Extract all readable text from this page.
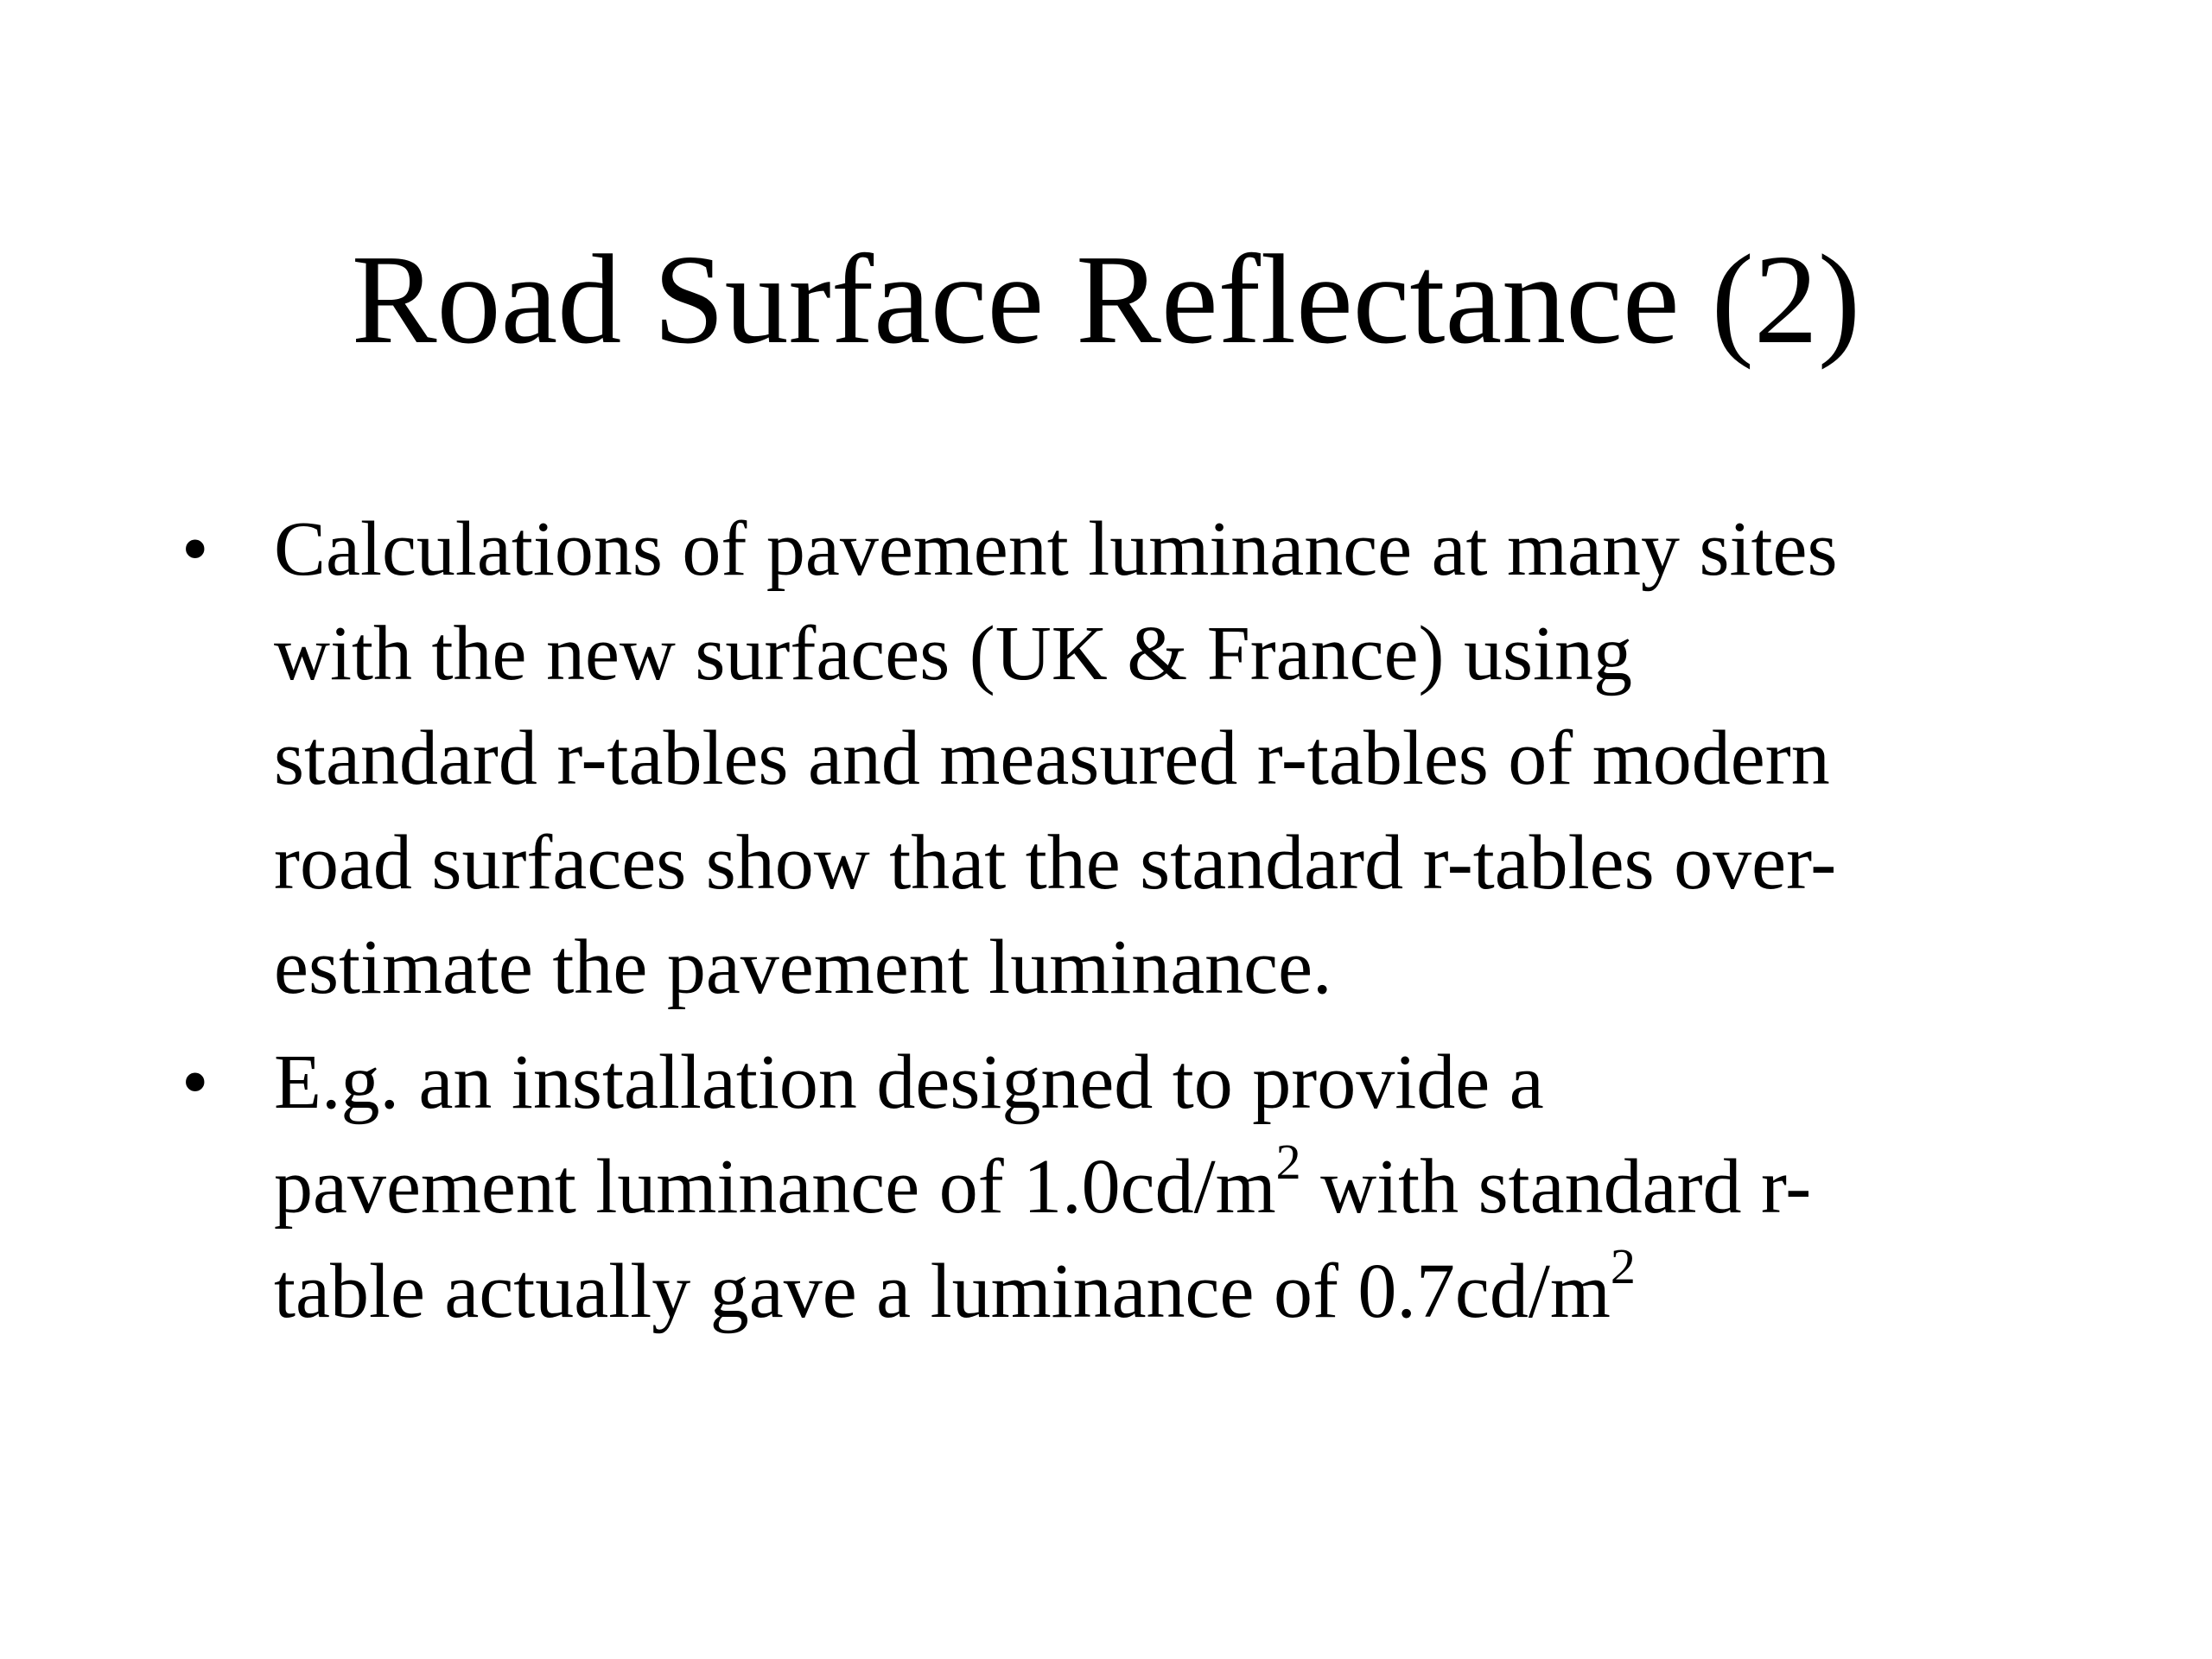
Road Surface Reflectance (2)
• Calculations of pavement luminance at many sites
with the new surfaces (UK & France) using
standard r-tables and measured r-tables of modern
road surfaces show that the standard r-tables over-
estimate the pavement luminance.
• E.g. an installation designed to provide a
pavement luminance of $1.0cd/m^2$ with standard r-
table actually gave a luminance of $0.7cd/m^2$
